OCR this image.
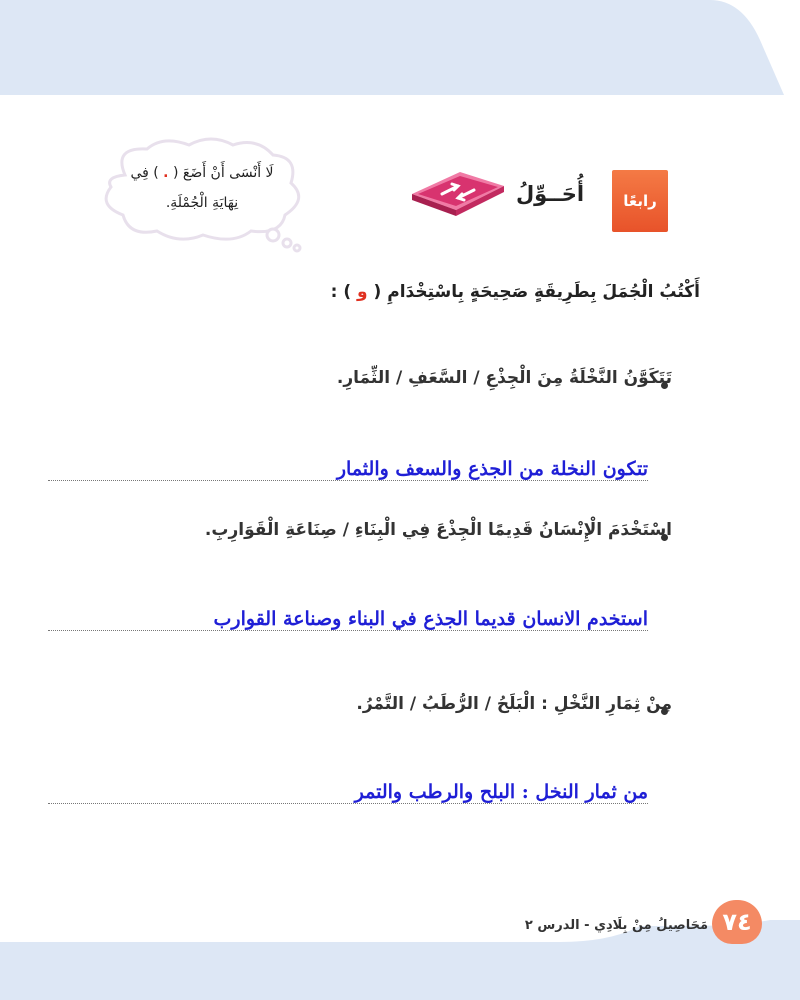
رابعًا
أُحَــوِّلُ
لَا أَنْسَى أَنْ أَضَعَ ( . ) فِي
نِهَايَةِ الْجُمْلَةِ.
أَكْتُبُ الْجُمَلَ بِطَرِيقَةٍ صَحِيحَةٍ بِاسْتِخْدَامِ ( و ) :
تَتَكَوَّنُ النَّخْلَةُ مِنَ الْجِذْعِ / السَّعَفِ / الثِّمَارِ.
تتكون النخلة من الجذع والسعف والثمار
اسْتَخْدَمَ الْإِنْسَانُ قَدِيمًا الْجِذْعَ فِي الْبِنَاءِ / صِنَاعَةِ الْقَوَارِبِ.
استخدم الانسان قديما الجذع في البناء وصناعة القوارب
مِنْ ثِمَارِ النَّخْلِ : الْبَلَحُ / الرُّطَبُ / التَّمْرُ.
من ثمار النخل : البلح والرطب والتمر
مَحَاصِيلُ مِنْ بِلَادِي - الدرس ٢ ٧٤
